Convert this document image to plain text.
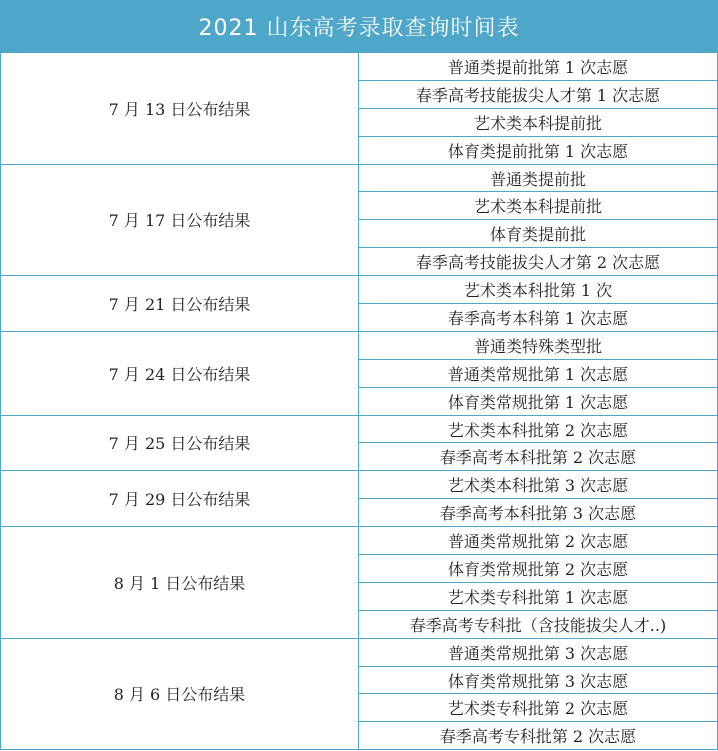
2021 山东高考录取查询时间表
7 月 13 日公布结果	普通类提前批第 1 次志愿

	春季高考技能拔尖人才第 1 次志愿

	艺术类本科提前批

	体育类提前批第 1 次志愿

7 月 17 日公布结果	普通类提前批

	艺术类本科提前批

	体育类提前批

	春季高考技能拔尖人才第 2 次志愿

7 月 21 日公布结果	艺术类本科批第 1 次

	春季高考本科第 1 次志愿

7 月 24 日公布结果	普通类特殊类型批

	普通类常规批第 1 次志愿

	体育类常规批第 1 次志愿

7 月 25 日公布结果	艺术类本科批第 2 次志愿

	春季高考本科批第 2 次志愿

7 月 29 日公布结果	艺术类本科批第 3 次志愿

	春季高考本科批第 3 次志愿

8 月 1 日公布结果	普通类常规批第 2 次志愿

	体育类常规批第 2 次志愿

	艺术类专科批第 1 次志愿

	春季高考专科批（含技能拔尖人才..)

8 月 6 日公布结果	普通类常规批第 3 次志愿

	体育类常规批第 3 次志愿

	艺术类专科批第 2 次志愿

	春季高考专科批第 2 次志愿
